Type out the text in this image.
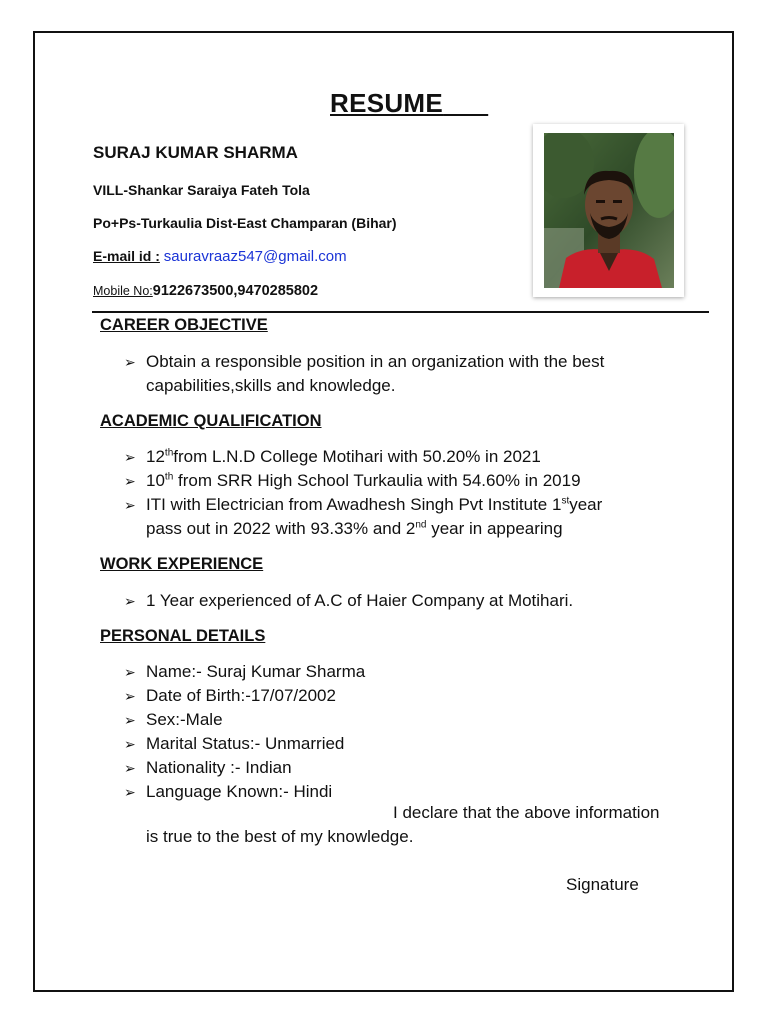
RESUME
SURAJ KUMAR SHARMA
VILL-Shankar Saraiya Fateh Tola
Po+Ps-Turkaulia Dist-East Champaran (Bihar)
E-mail id : sauravraaz547@gmail.com
Mobile No:9122673500,9470285802
CAREER OBJECTIVE
➢ Obtain a responsible position in an organization with the best
capabilities,skills and knowledge.
ACADEMIC QUALIFICATION
➢ 12thfrom L.N.D College Motihari with 50.20% in 2021
➢ 10th from SRR High School Turkaulia with 54.60% in 2019
➢ ITI with Electrician from Awadhesh Singh Pvt Institute 1styear
pass out in 2022 with 93.33% and 2nd year in appearing
WORK EXPERIENCE
➢ 1 Year experienced of A.C of Haier Company at Motihari.
PERSONAL DETAILS
➢ Name:- Suraj Kumar Sharma
➢ Date of Birth:-17/07/2002
➢ Sex:-Male
➢ Marital Status:- Unmarried
➢ Nationality :- Indian
➢ Language Known:- Hindi
I declare that the above information
is true to the best of my knowledge.
Signature
